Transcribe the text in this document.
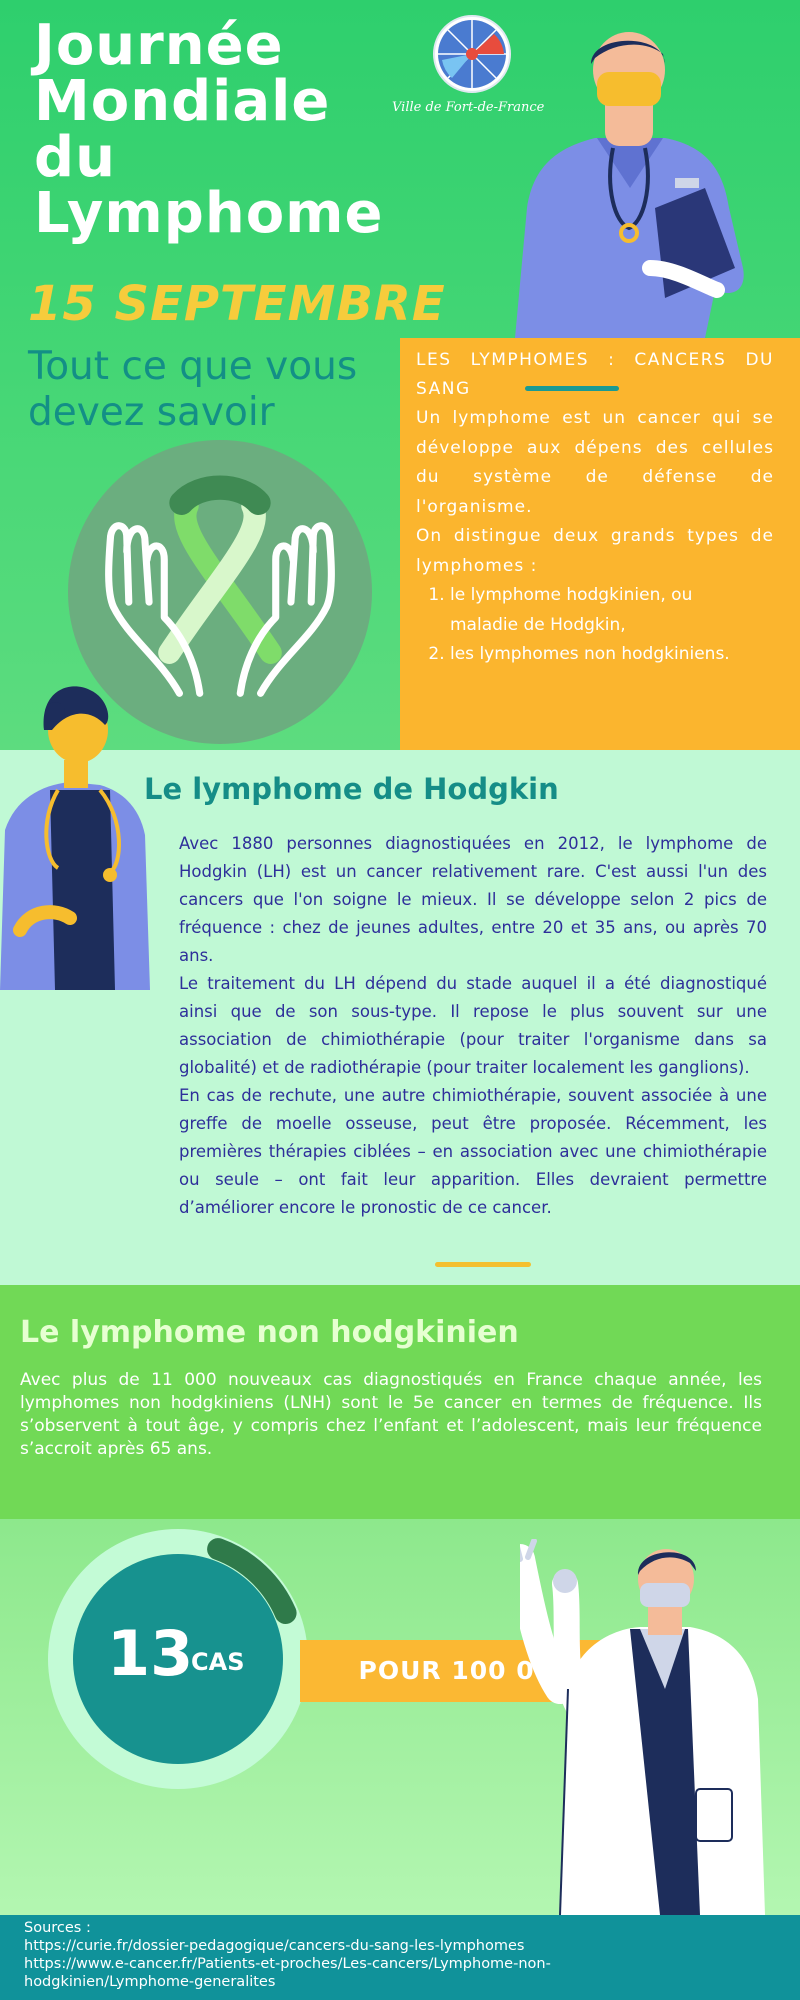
Journée
Mondiale
du
Lymphome
15 SEPTEMBRE
Tout ce que vous devez savoir
Ville de Fort-de-France
LES LYMPHOMES : CANCERS DU SANG

Un lymphome est un cancer qui se développe aux dépens des cellules du système de défense de l'organisme.

On distingue deux grands types de lymphomes :

1. le lymphome hodgkinien, ou maladie de Hodgkin,
2. les lymphomes non hodgkiniens.
Le lymphome de Hodgkin

Avec 1880 personnes diagnostiquées en 2012, le lymphome de Hodgkin (LH) est un cancer relativement rare. C'est aussi l'un des cancers que l'on soigne le mieux. Il se développe selon 2 pics de fréquence : chez de jeunes adultes, entre 20 et 35 ans, ou après 70 ans.

Le traitement du LH dépend du stade auquel il a été diagnostiqué ainsi que de son sous-type. Il repose le plus souvent sur une association de chimiothérapie (pour traiter l'organisme dans sa globalité) et de radiothérapie (pour traiter localement les ganglions).

En cas de rechute, une autre chimiothérapie, souvent associée à une greffe de moelle osseuse, peut être proposée. Récemment, les premières thérapies ciblées – en association avec une chimiothérapie ou seule – ont fait leur apparition. Elles devraient permettre d’améliorer encore le pronostic de ce cancer.

Le lymphome non hodgkinien

Avec plus de 11 000 nouveaux cas diagnostiqués en France chaque année, les lymphomes non hodgkiniens (LNH) sont le 5e cancer en termes de fréquence. Ils s’observent à tout âge, y compris chez l’enfant et l’adolescent, mais leur fréquence s’accroit après 65 ans.

13
CAS	POUR 100 000
Sources :
https://curie.fr/dossier-pedagogique/cancers-du-sang-les-lymphomes
https://www.e-cancer.fr/Patients-et-proches/Les-cancers/Lymphome-non-
hodgkinien/Lymphome-generalites
